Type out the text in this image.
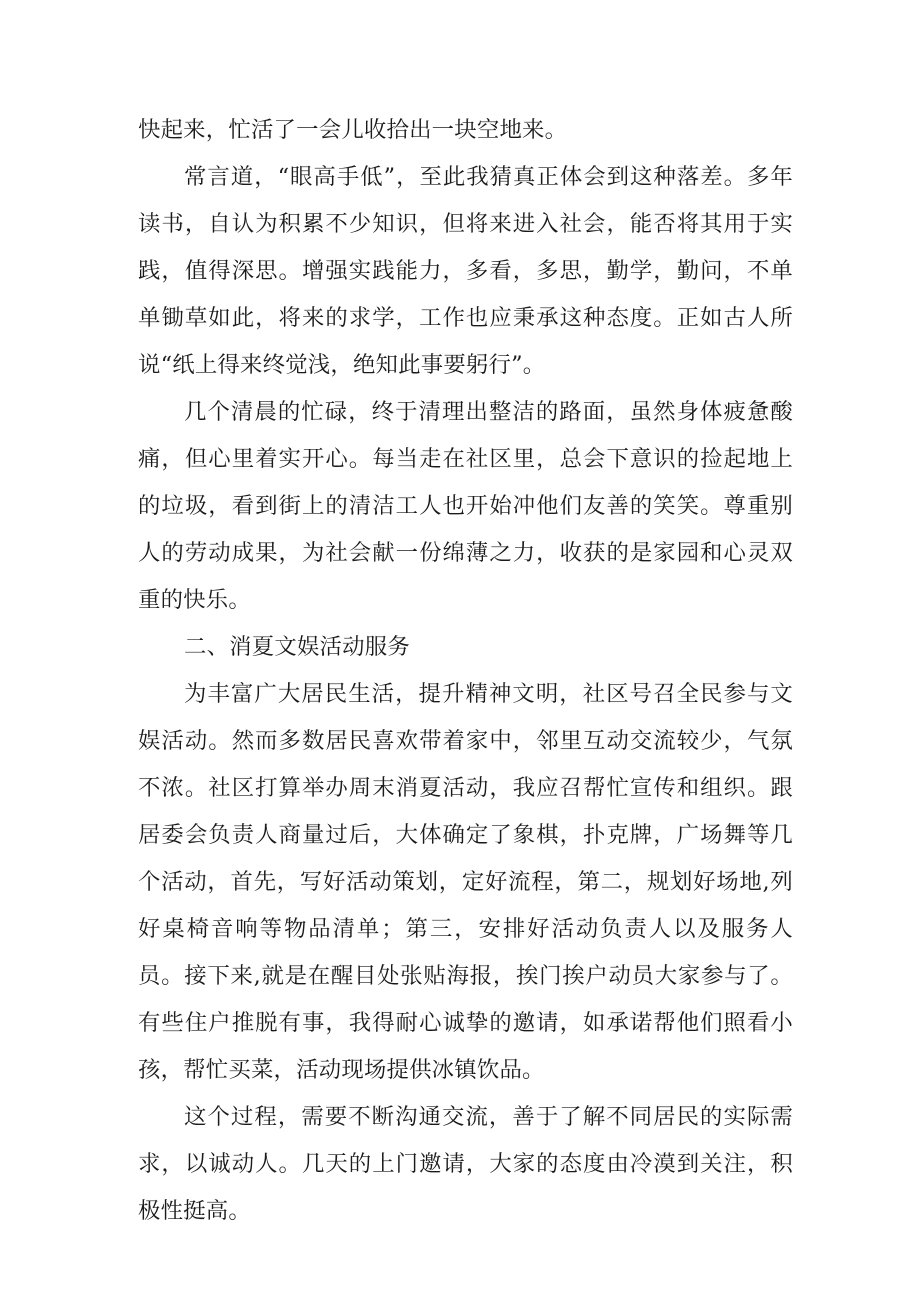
快起来，忙活了一会儿收拾出一块空地来。

常言道，“眼高手低”，至此我猜真正体会到这种落差。多年读书，自认为积累不少知识，但将来进入社会，能否将其用于实践，值得深思。增强实践能力，多看，多思，勤学，勤问，不单单锄草如此，将来的求学，工作也应秉承这种态度。正如古人所说“纸上得来终觉浅，绝知此事要躬行”。

几个清晨的忙碌，终于清理出整洁的路面，虽然身体疲惫酸痛，但心里着实开心。每当走在社区里，总会下意识的捡起地上的垃圾，看到街上的清洁工人也开始冲他们友善的笑笑。尊重别人的劳动成果，为社会献一份绵薄之力，收获的是家园和心灵双重的快乐。

二、消夏文娱活动服务

为丰富广大居民生活，提升精神文明，社区号召全民参与文娱活动。然而多数居民喜欢带着家中，邻里互动交流较少，气氛不浓。社区打算举办周末消夏活动，我应召帮忙宣传和组织。跟居委会负责人商量过后，大体确定了象棋，扑克牌，广场舞等几个活动，首先，写好活动策划，定好流程，第二，规划好场地,列好桌椅音响等物品清单；第三，安排好活动负责人以及服务人员。接下来,就是在醒目处张贴海报，挨门挨户动员大家参与了。有些住户推脱有事，我得耐心诚挚的邀请，如承诺帮他们照看小孩，帮忙买菜，活动现场提供冰镇饮品。

这个过程，需要不断沟通交流，善于了解不同居民的实际需求，以诚动人。几天的上门邀请，大家的态度由冷漠到关注，积极性挺高。
